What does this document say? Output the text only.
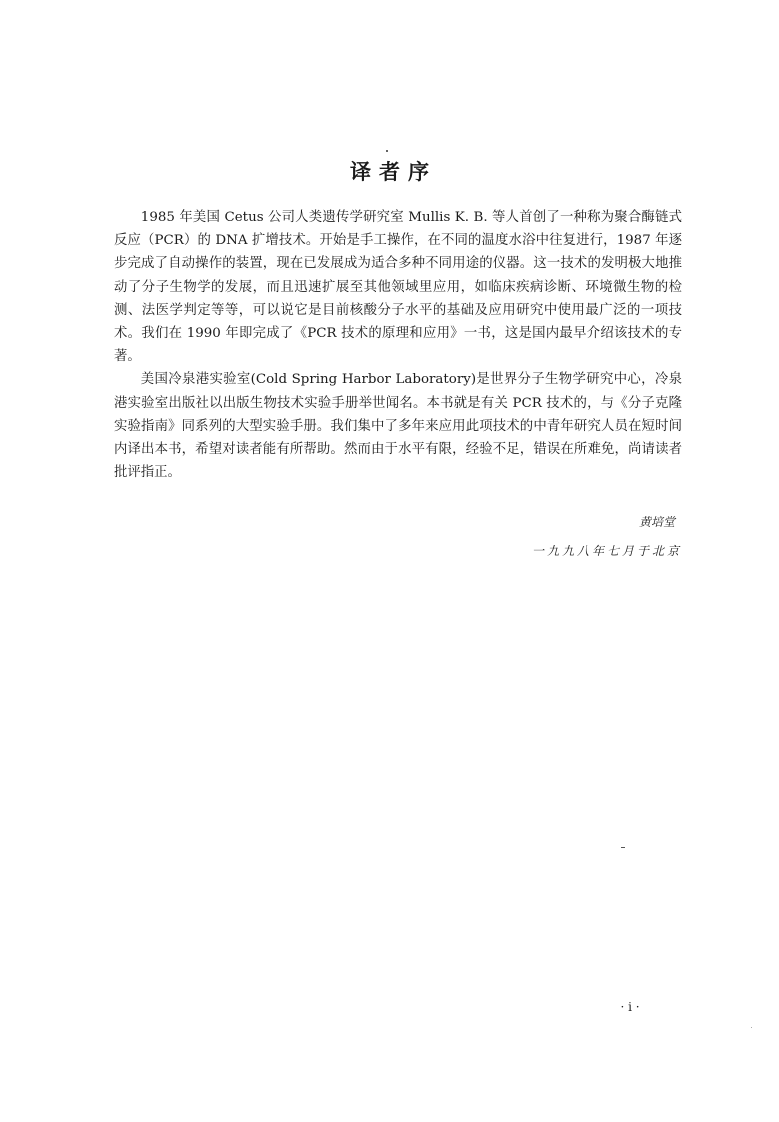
译者序

1985 年美国 Cetus 公司人类遗传学研究室 Mullis K. B. 等人首创了一种称为聚合酶链式反应（PCR）的 DNA 扩增技术。开始是手工操作，在不同的温度水浴中往复进行，1987 年逐步完成了自动操作的装置，现在已发展成为适合多种不同用途的仪器。这一技术的发明极大地推动了分子生物学的发展，而且迅速扩展至其他领域里应用，如临床疾病诊断、环境微生物的检测、法医学判定等等，可以说它是目前核酸分子水平的基础及应用研究中使用最广泛的一项技术。我们在 1990 年即完成了《PCR 技术的原理和应用》一书，这是国内最早介绍该技术的专著。

美国冷泉港实验室(Cold Spring Harbor Laboratory)是世界分子生物学研究中心，冷泉港实验室出版社以出版生物技术实验手册举世闻名。本书就是有关 PCR 技术的，与《分子克隆实验指南》同系列的大型实验手册。我们集中了多年来应用此项技术的中青年研究人员在短时间内译出本书，希望对读者能有所帮助。然而由于水平有限，经验不足，错误在所难免，尚请读者批评指正。

黄培堂
一九九八年七月于北京
· i ·
